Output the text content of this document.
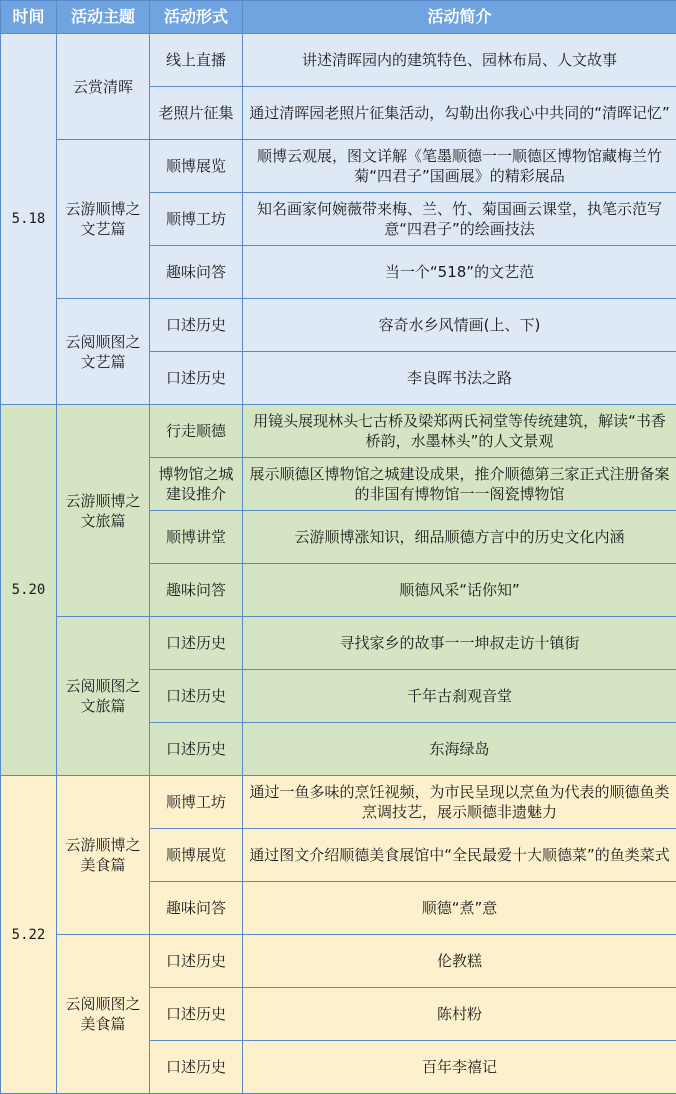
时间	活动主题	活动形式	活动简介
5.18	云赏清晖	线上直播	讲述清晖园内的建筑特色、园林布局、人文故事
		老照片征集	通过清晖园老照片征集活动，勾勒出你我心中共同的“清晖记忆”
	云游顺博之文艺篇	顺博展览	顺博云观展，图文详解《笔墨顺德一一顺德区博物馆藏梅兰竹菊“四君子”国画展》的精彩展品
		顺博工坊	知名画家何婉薇带来梅、兰、竹、菊国画云课堂，执笔示范写意“四君子”的绘画技法
		趣味问答	当一个“518”的文艺范
	云阅顺图之文艺篇	口述历史	容奇水乡风情画(上、下)
		口述历史	李良晖书法之路
5.20	云游顺博之文旅篇	行走顺德	用镜头展现林头七古桥及梁郑两氏祠堂等传统建筑，解读“书香桥韵，水墨林头”的人文景观
		博物馆之城建设推介	展示顺德区博物馆之城建设成果，推介顺德第三家正式注册备案的非国有博物馆一一阁瓷博物馆
		顺博讲堂	云游顺博涨知识，细品顺德方言中的历史文化内涵
		趣味问答	顺德风采“话你知”
	云阅顺图之文旅篇	口述历史	寻找家乡的故事一一坤叔走访十镇街
		口述历史	千年古刹观音堂
		口述历史	东海绿岛
5.22	云游顺博之美食篇	顺博工坊	通过一鱼多味的烹饪视频，为市民呈现以烹鱼为代表的顺德鱼类烹调技艺，展示顺德非遗魅力
		顺博展览	通过图文介绍顺德美食展馆中“全民最爱十大顺德菜”的鱼类菜式
		趣味问答	顺德“煮”意
	云阅顺图之美食篇	口述历史	伦教糕
		口述历史	陈村粉
		口述历史	百年李禧记
